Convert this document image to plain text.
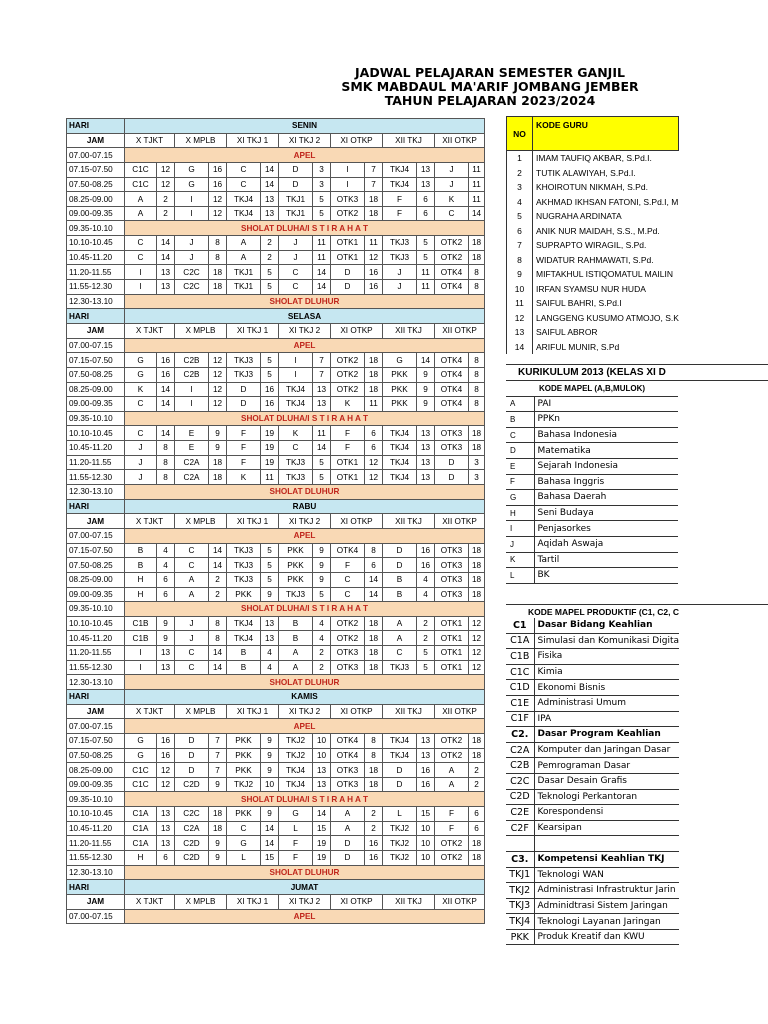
JADWAL PELAJARAN SEMESTER GANJIL
SMK MABDAUL MA'ARIF JOMBANG JEMBER
TAHUN PELAJARAN 2023/2024
HARI	SENIN													
JAM	X TJKT		X MPLB		XI TKJ 1		XI TKJ 2		XI OTKP		XII TKJ		XII OTKP	
07.00-07.15	APEL													
07.15-07.50	C1C	12	G	16	C	14	D	3	I	7	TKJ4	13	J	11
07.50-08.25	C1C	12	G	16	C	14	D	3	I	7	TKJ4	13	J	11
08.25-09.00	A	2	I	12	TKJ4	13	TKJ1	5	OTK3	18	F	6	K	11
09.00-09.35	A	2	I	12	TKJ4	13	TKJ1	5	OTK2	18	F	6	C	14
09.35-10.10	SHOLAT DLUHA/I S T I R A H A T													
10.10-10.45	C	14	J	8	A	2	J	11	OTK1	11	TKJ3	5	OTK2	18
10.45-11.20	C	14	J	8	A	2	J	11	OTK1	12	TKJ3	5	OTK2	18
11.20-11.55	I	13	C2C	18	TKJ1	5	C	14	D	16	J	11	OTK4	8
11.55-12.30	I	13	C2C	18	TKJ1	5	C	14	D	16	J	11	OTK4	8
12.30-13.10	SHOLAT DLUHUR													
HARI	SELASA													
JAM	X TJKT		X MPLB		XI TKJ 1		XI TKJ 2		XI OTKP		XII TKJ		XII OTKP	
07.00-07.15	APEL													
07.15-07.50	G	16	C2B	12	TKJ3	5	I	7	OTK2	18	G	14	OTK4	8
07.50-08.25	G	16	C2B	12	TKJ3	5	I	7	OTK2	18	PKK	9	OTK4	8
08.25-09.00	K	14	I	12	D	16	TKJ4	13	OTK2	18	PKK	9	OTK4	8
09.00-09.35	C	14	I	12	D	16	TKJ4	13	K	11	PKK	9	OTK4	8
09.35-10.10	SHOLAT DLUHA/I S T I R A H A T													
10.10-10.45	C	14	E	9	F	19	K	11	F	6	TKJ4	13	OTK3	18
10.45-11.20	J	8	E	9	F	19	C	14	F	6	TKJ4	13	OTK3	18
11.20-11.55	J	8	C2A	18	F	19	TKJ3	5	OTK1	12	TKJ4	13	D	3
11.55-12.30	J	8	C2A	18	K	11	TKJ3	5	OTK1	12	TKJ4	13	D	3
12.30-13.10	SHOLAT DLUHUR													
HARI	RABU													
JAM	X TJKT		X MPLB		XI TKJ 1		XI TKJ 2		XI OTKP		XII TKJ		XII OTKP	
07.00-07.15	APEL													
07.15-07.50	B	4	C	14	TKJ3	5	PKK	9	OTK4	8	D	16	OTK3	18
07.50-08.25	B	4	C	14	TKJ3	5	PKK	9	F	6	D	16	OTK3	18
08.25-09.00	H	6	A	2	TKJ3	5	PKK	9	C	14	B	4	OTK3	18
09.00-09.35	H	6	A	2	PKK	9	TKJ3	5	C	14	B	4	OTK3	18
09.35-10.10	SHOLAT DLUHA/I S T I R A H A T													
10.10-10.45	C1B	9	J	8	TKJ4	13	B	4	OTK2	18	A	2	OTK1	12
10.45-11.20	C1B	9	J	8	TKJ4	13	B	4	OTK2	18	A	2	OTK1	12
11.20-11.55	I	13	C	14	B	4	A	2	OTK3	18	C	5	OTK1	12
11.55-12.30	I	13	C	14	B	4	A	2	OTK3	18	TKJ3	5	OTK1	12
12.30-13.10	SHOLAT DLUHUR													
HARI	KAMIS													
JAM	X TJKT		X MPLB		XI TKJ 1		XI TKJ 2		XI OTKP		XII TKJ		XII OTKP	
07.00-07.15	APEL													
07.15-07.50	G	16	D	7	PKK	9	TKJ2	10	OTK4	8	TKJ4	13	OTK2	18
07.50-08.25	G	16	D	7	PKK	9	TKJ2	10	OTK4	8	TKJ4	13	OTK2	18
08.25-09.00	C1C	12	D	7	PKK	9	TKJ4	13	OTK3	18	D	16	A	2
09.00-09.35	C1C	12	C2D	9	TKJ2	10	TKJ4	13	OTK3	18	D	16	A	2
09.35-10.10	SHOLAT DLUHA/I S T I R A H A T													
10.10-10.45	C1A	13	C2C	18	PKK	9	G	14	A	2	L	15	F	6
10.45-11.20	C1A	13	C2A	18	C	14	L	15	A	2	TKJ2	10	F	6
11.20-11.55	C1A	13	C2D	9	G	14	F	19	D	16	TKJ2	10	OTK2	18
11.55-12.30	H	6	C2D	9	L	15	F	19	D	16	TKJ2	10	OTK2	18
12.30-13.10	SHOLAT DLUHUR													
HARI	JUMAT													
JAM	X TJKT		X MPLB		XI TKJ 1		XI TKJ 2		XI OTKP		XII TKJ		XII OTKP	
07.00-07.15	APEL													
NO	KODE GURU
1	IMAM TAUFIQ AKBAR, S.Pd.I.
2	TUTIK ALAWIYAH, S.Pd.I.
3	KHOIROTUN NIKMAH, S.Pd.
4	AKHMAD IKHSAN FATONI, S.Pd.I, M
5	NUGRAHA ARDINATA
6	ANIK NUR MAIDAH, S.S., M.Pd.
7	SUPRAPTO WIRAGIL, S.Pd.
8	WIDATUR RAHMAWATI, S.Pd.
9	MIFTAKHUL ISTIQOMATUL MAILIN
10	IRFAN SYAMSU NUR HUDA
11	SAIFUL BAHRI, S.Pd.I
12	LANGGENG KUSUMO ATMOJO, S.K
13	SAIFUL ABROR
14	ARIFUL MUNIR, S.Pd
KURIKULUM 2013 (KELAS XI D
KODE MAPEL (A,B,MULOK)	
A	PAI
B	PPKn
C	Bahasa Indonesia
D	Matematika
E	Sejarah Indonesia
F	Bahasa Inggris
G	Bahasa Daerah
H	Seni Budaya
I	Penjasorkes
J	Aqidah Aswaja
K	Tartil
L	BK
KODE MAPEL PRODUKTIF (C1, C2, C
C1	Dasar Bidang Keahlian
C1A	Simulasi dan Komunikasi Digita
C1B	Fisika
C1C	Kimia
C1D	Ekonomi Bisnis
C1E	Administrasi Umum
C1F	IPA
C2.	Dasar Program Keahlian
C2A	Komputer dan Jaringan Dasar
C2B	Pemrograman Dasar
C2C	Dasar Desain Grafis
C2D	Teknologi Perkantoran
C2E	Korespondensi
C2F	Kearsipan

C3.	Kompetensi Keahlian TKJ
TKJ1	Teknologi WAN
TKJ2	Administrasi Infrastruktur Jarin
TKJ3	Adminidtrasi Sistem Jaringan
TKJ4	Teknologi Layanan Jaringan
PKK	Produk Kreatif dan KWU
